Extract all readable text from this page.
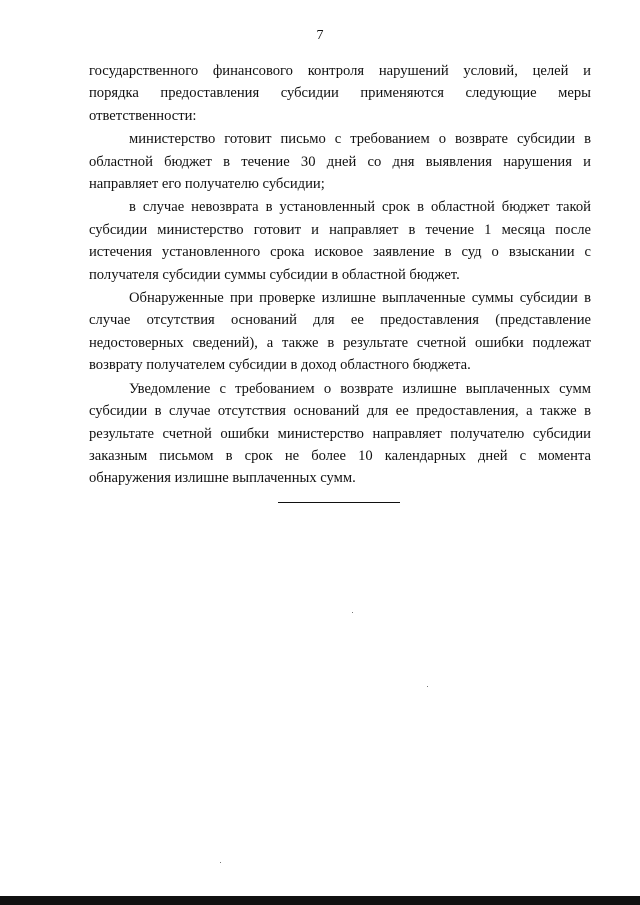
7
государственного финансового контроля нарушений условий, целей и
порядка предоставления субсидии применяются следующие меры
ответственности:
министерство готовит письмо с требованием о возврате субсидии в
областной бюджет в течение 30 дней со дня выявления нарушения и
направляет его получателю субсидии;
в случае невозврата в установленный срок в областной бюджет такой
субсидии министерство готовит и направляет в течение 1 месяца после
истечения установленного срока исковое заявление в суд о взыскании с
получателя субсидии суммы субсидии в областной бюджет.
Обнаруженные при проверке излишне выплаченные суммы субсидии в
случае отсутствия оснований для ее предоставления (представление
недостоверных сведений), а также в результате счетной ошибки подлежат
возврату получателем субсидии в доход областного бюджета.
Уведомление с требованием о возврате излишне выплаченных сумм
субсидии в случае отсутствия оснований для ее предоставления, а также в
результате счетной ошибки министерство направляет получателю субсидии
заказным письмом в срок не более 10 календарных дней с момента
обнаружения излишне выплаченных сумм.
